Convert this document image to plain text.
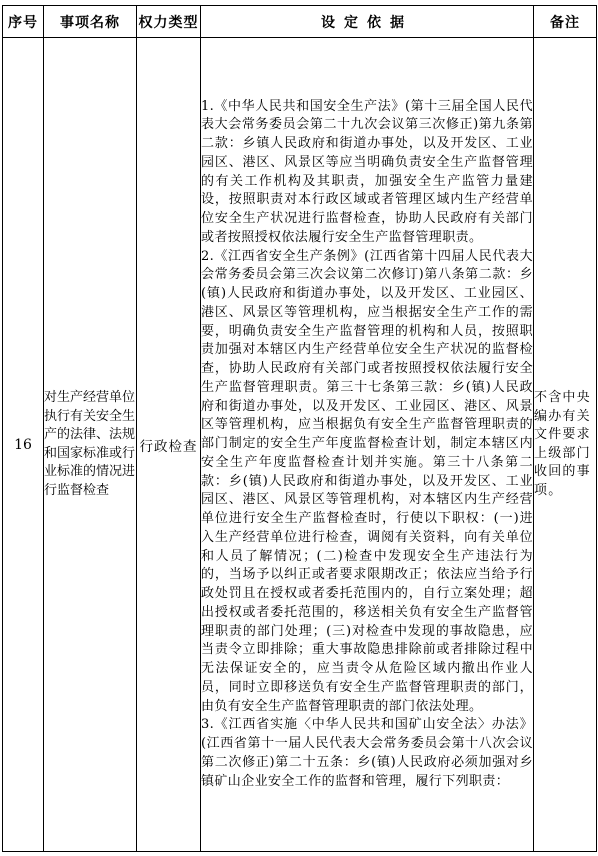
序号	事项名称	权力类型	设定依据	备注
16	对生产经营单位执行有关安全生产的法律、法规和国家标准或行业标准的情况进行监督检查	行政检查	1.《中华人民共和国安全生产法》(第十三届全国人民代表大会常务委员会第二十九次会议第三次修正)第九条第二款：乡镇人民政府和街道办事处，以及开发区、工业园区、港区、风景区等应当明确负责安全生产监督管理的有关工作机构及其职责，加强安全生产监管力量建设，按照职责对本行政区域或者管理区域内生产经营单位安全生产状况进行监督检查，协助人民政府有关部门或者按照授权依法履行安全生产监督管理职责。

2.《江西省安全生产条例》(江西省第十四届人民代表大会常务委员会第三次会议第二次修订)第八条第二款：乡(镇)人民政府和街道办事处，以及开发区、工业园区、港区、风景区等管理机构，应当根据安全生产工作的需要，明确负责安全生产监督管理的机构和人员，按照职责加强对本辖区内生产经营单位安全生产状况的监督检查，协助人民政府有关部门或者按照授权依法履行安全生产监督管理职责。第三十七条第三款：乡(镇)人民政府和街道办事处，以及开发区、工业园区、港区、风景区等管理机构，应当根据负有安全生产监督管理职责的部门制定的安全生产年度监督检查计划，制定本辖区内安全生产年度监督检查计划并实施。第三十八条第二款：乡(镇)人民政府和街道办事处，以及开发区、工业园区、港区、风景区等管理机构，对本辖区内生产经营单位进行安全生产监督检查时，行使以下职权：(一)进入生产经营单位进行检查，调阅有关资料，向有关单位和人员了解情况；(二)检查中发现安全生产违法行为的，当场予以纠正或者要求限期改正；依法应当给予行政处罚且在授权或者委托范围内的，自行立案处理；超出授权或者委托范围的，移送相关负有安全生产监督管理职责的部门处理；(三)对检查中发现的事故隐患，应当责令立即排除；重大事故隐患排除前或者排除过程中无法保证安全的，应当责令从危险区域内撤出作业人员，同时立即移送负有安全生产监督管理职责的部门，由负有安全生产监督管理职责的部门依法处理。

3.《江西省实施〈中华人民共和国矿山安全法〉办法》(江西省第十一届人民代表大会常务委员会第十八次会议第二次修正)第二十五条：乡(镇)人民政府必须加强对乡镇矿山企业安全工作的监督和管理，履行下列职责：	不含中央编办有关文件要求上级部门收回的事项。
